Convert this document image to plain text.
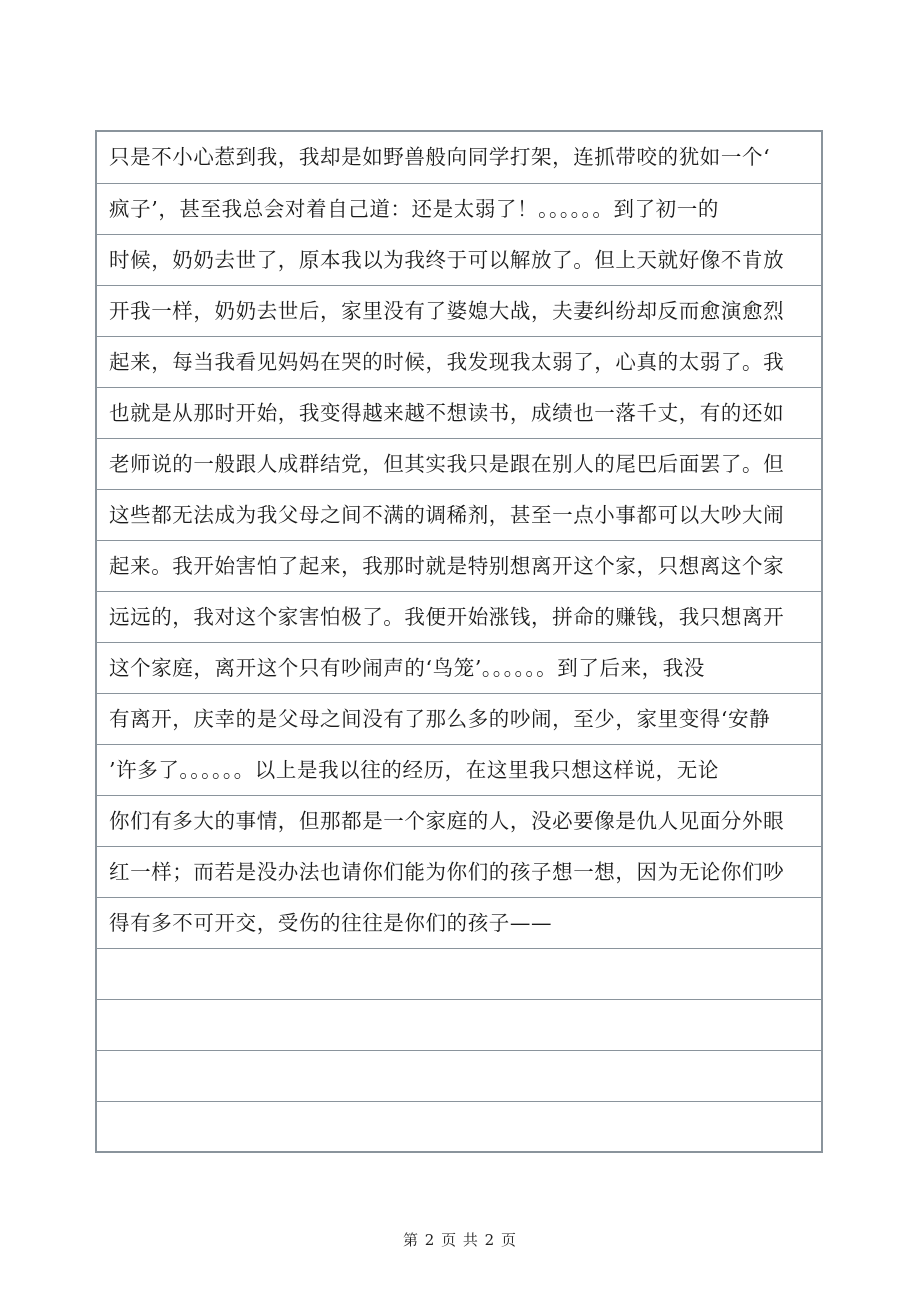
只是不小心惹到我，我却是如野兽般向同学打架，连抓带咬的犹如一个‘
疯子’，甚至我总会对着自己道：还是太弱了！。。。。。。到了初一的
时候，奶奶去世了，原本我以为我终于可以解放了。但上天就好像不肯放
开我一样，奶奶去世后，家里没有了婆媳大战，夫妻纠纷却反而愈演愈烈
起来，每当我看见妈妈在哭的时候，我发现我太弱了，心真的太弱了。我
也就是从那时开始，我变得越来越不想读书，成绩也一落千丈，有的还如
老师说的一般跟人成群结党，但其实我只是跟在别人的尾巴后面罢了。但
这些都无法成为我父母之间不满的调稀剂，甚至一点小事都可以大吵大闹
起来。我开始害怕了起来，我那时就是特别想离开这个家，只想离这个家
远远的，我对这个家害怕极了。我便开始涨钱，拼命的赚钱，我只想离开
这个家庭，离开这个只有吵闹声的‘鸟笼’。。。。。。到了后来，我没
有离开，庆幸的是父母之间没有了那么多的吵闹，至少，家里变得‘安静
’许多了。。。。。。以上是我以往的经历，在这里我只想这样说，无论
你们有多大的事情，但那都是一个家庭的人，没必要像是仇人见面分外眼
红一样；而若是没办法也请你们能为你们的孩子想一想，因为无论你们吵
得有多不可开交，受伤的往往是你们的孩子——
第 2 页 共 2 页
